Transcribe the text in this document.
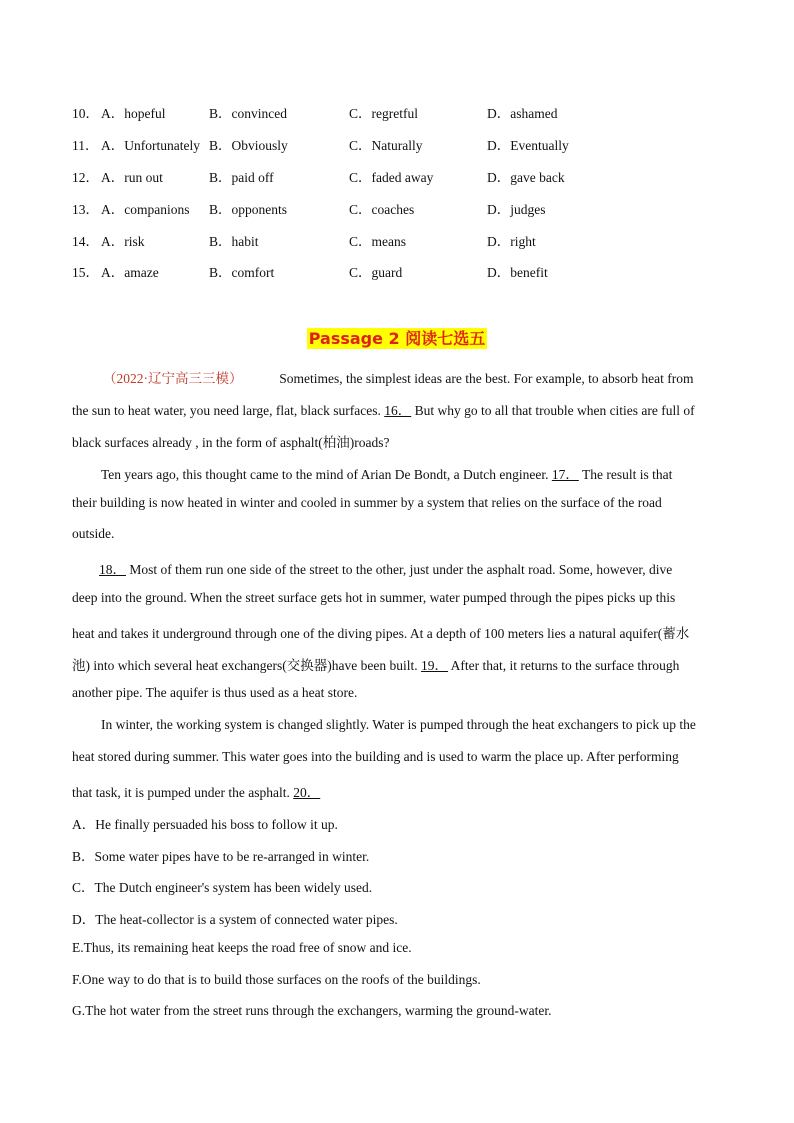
10． A．hopeful	B．convinced	C．regretful	D．ashamed
11． A．Unfortunately B．Obviously	C．Naturally	D．Eventually
12． A．run out	B．paid off	C．faded away	D．gave back
13． A．companions B．opponents	C．coaches	D．judges
14． A．risk	B．habit	C．means	D．right
15． A．amaze	B．comfort	C．guard	D．benefit
Passage 2 阅读七选五
（2022·辽宁高三三模）	Sometimes, the simplest ideas are the best. For example, to absorb heat from
the sun to heat water, you need large, flat, black surfaces. 16． But why go to all that trouble when cities are full of
black surfaces already , in the form of asphalt(柏油)roads?
Ten years ago, this thought came to the mind of Arian De Bondt, a Dutch engineer. 17． The result is that
their building is now heated in winter and cooled in summer by a system that relies on the surface of the road
outside.
18． Most of them run one side of the street to the other, just under the asphalt road. Some, however, dive
deep into the ground. When the street surface gets hot in summer, water pumped through the pipes picks up this
heat and takes it underground through one of the diving pipes. At a depth of 100 meters lies a natural aquifer(蓄水
池) into which several heat exchangers(交换器)have been built. 19． After that, it returns to the surface through
another pipe. The aquifer is thus used as a heat store.
In winter, the working system is changed slightly. Water is pumped through the heat exchangers to pick up the
heat stored during summer. This water goes into the building and is used to warm the place up. After performing
that task, it is pumped under the asphalt. 20．
A．He finally persuaded his boss to follow it up.
B．Some water pipes have to be re-arranged in winter.
C．The Dutch engineer's system has been widely used.
D．The heat-collector is a system of connected water pipes.
E.Thus, its remaining heat keeps the road free of snow and ice.
F.One way to do that is to build those surfaces on the roofs of the buildings.
G.The hot water from the street runs through the exchangers, warming the ground-water.
